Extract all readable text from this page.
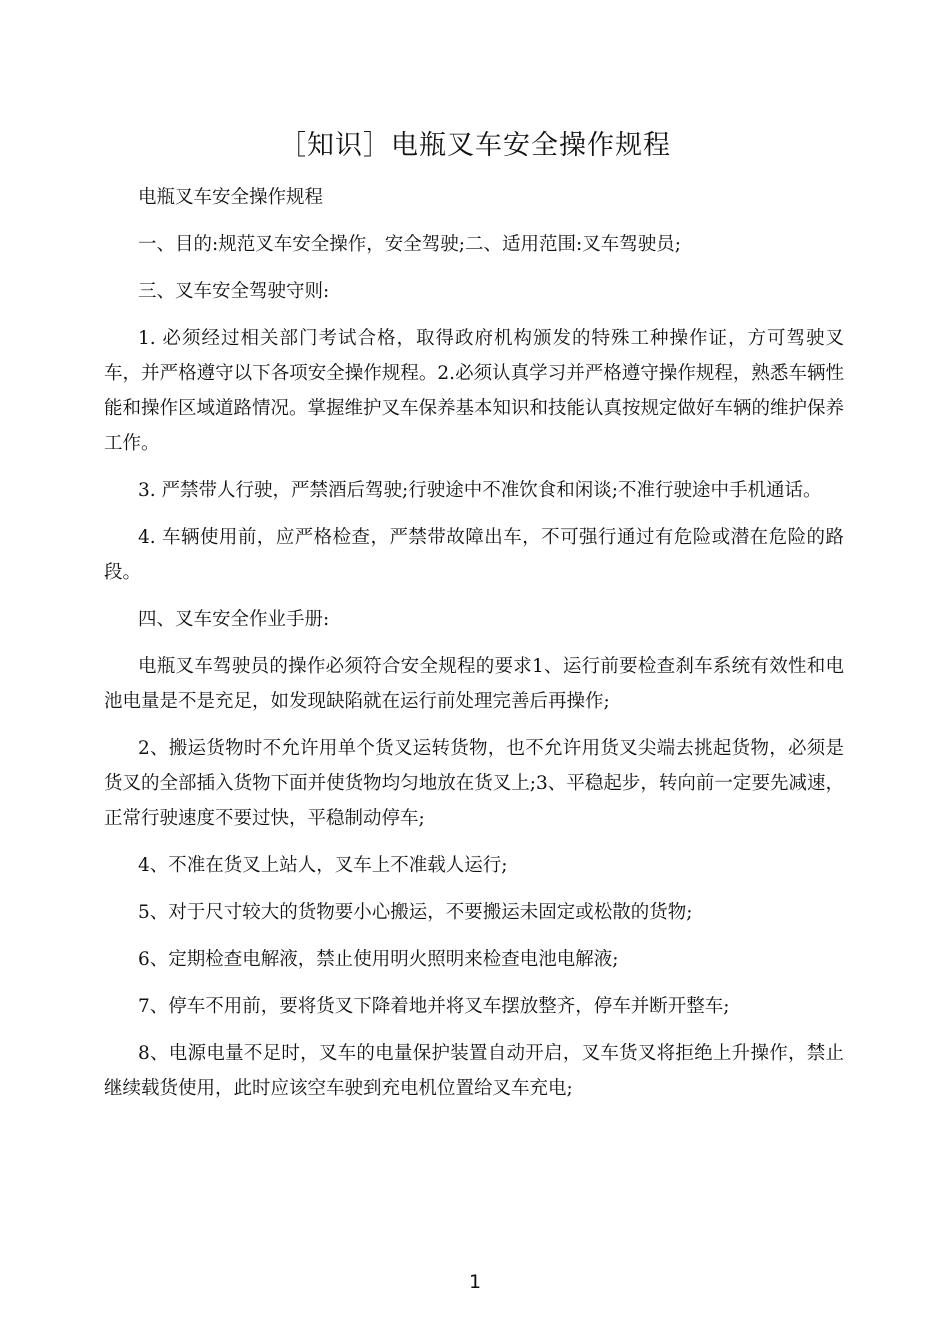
［知识］电瓶叉车安全操作规程

电瓶叉车安全操作规程

一、目的:规范叉车安全操作，安全驾驶;二、适用范围:叉车驾驶员;

三、叉车安全驾驶守则:

1. 必须经过相关部门考试合格，取得政府机构颁发的特殊工种操作证，方可驾驶叉车，并严格遵守以下各项安全操作规程。2.必须认真学习并严格遵守操作规程，熟悉车辆性能和操作区域道路情况。掌握维护叉车保养基本知识和技能认真按规定做好车辆的维护保养工作。

3. 严禁带人行驶，严禁酒后驾驶;行驶途中不准饮食和闲谈;不准行驶途中手机通话。

4. 车辆使用前，应严格检查，严禁带故障出车，不可强行通过有危险或潜在危险的路段。

四、叉车安全作业手册:

电瓶叉车驾驶员的操作必须符合安全规程的要求1、运行前要检查刹车系统有效性和电池电量是不是充足，如发现缺陷就在运行前处理完善后再操作;

2、搬运货物时不允许用单个货叉运转货物，也不允许用货叉尖端去挑起货物，必须是货叉的全部插入货物下面并使货物均匀地放在货叉上;3、平稳起步，转向前一定要先减速，正常行驶速度不要过快，平稳制动停车;

4、不准在货叉上站人，叉车上不准载人运行;

5、对于尺寸较大的货物要小心搬运，不要搬运未固定或松散的货物;

6、定期检查电解液，禁止使用明火照明来检查电池电解液;

7、停车不用前，要将货叉下降着地并将叉车摆放整齐，停车并断开整车;

8、电源电量不足时，叉车的电量保护装置自动开启，叉车货叉将拒绝上升操作，禁止继续载货使用，此时应该空车驶到充电机位置给叉车充电;

1
